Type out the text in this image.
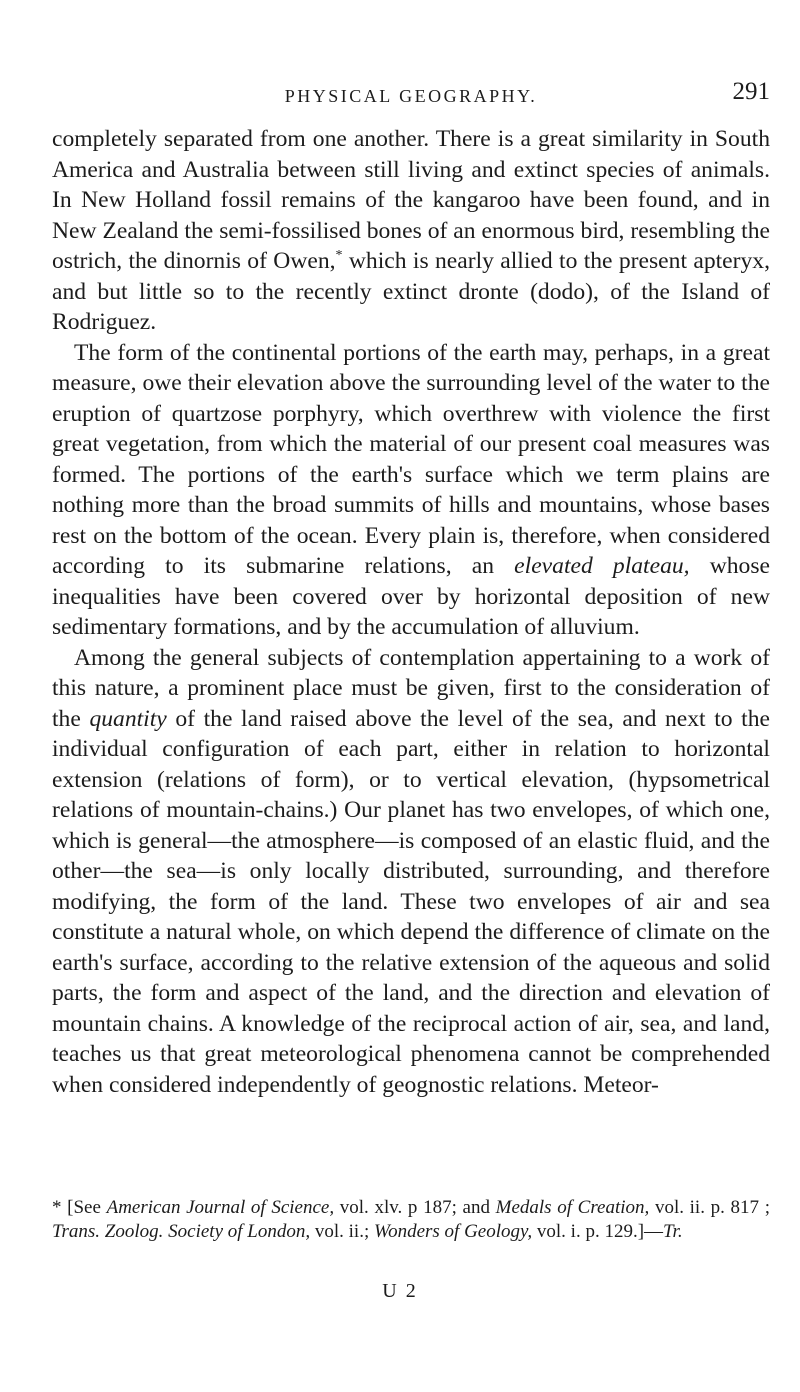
PHYSICAL GEOGRAPHY.	291

completely separated from one another. There is a great similarity in South America and Australia between still living and extinct species of animals. In New Holland fossil remains of the kangaroo have been found, and in New Zealand the semi-fossilised bones of an enormous bird, resembling the ostrich, the dinornis of Owen,* which is nearly allied to the present apteryx, and but little so to the recently extinct dronte (dodo), of the Island of Rodriguez.

The form of the continental portions of the earth may, perhaps, in a great measure, owe their elevation above the surrounding level of the water to the eruption of quartzose porphyry, which overthrew with violence the first great vegetation, from which the material of our present coal measures was formed. The portions of the earth's surface which we term plains are nothing more than the broad summits of hills and mountains, whose bases rest on the bottom of the ocean. Every plain is, therefore, when considered according to its submarine relations, an elevated plateau, whose inequalities have been covered over by horizontal deposition of new sedimentary formations, and by the accumulation of alluvium.

Among the general subjects of contemplation appertaining to a work of this nature, a prominent place must be given, first to the consideration of the quantity of the land raised above the level of the sea, and next to the individual configuration of each part, either in relation to horizontal extension (relations of form), or to vertical elevation, (hypsometrical relations of mountain-chains.) Our planet has two envelopes, of which one, which is general—the atmosphere—is composed of an elastic fluid, and the other—the sea—is only locally distributed, surrounding, and therefore modifying, the form of the land. These two envelopes of air and sea constitute a natural whole, on which depend the difference of climate on the earth's surface, according to the relative extension of the aqueous and solid parts, the form and aspect of the land, and the direction and elevation of mountain chains. A knowledge of the reciprocal action of air, sea, and land, teaches us that great meteorological phenomena cannot be comprehended when considered independently of geognostic relations. Meteor-

* [See American Journal of Science, vol. xlv. p 187; and Medals of Creation, vol. ii. p. 817 ; Trans. Zoolog. Society of London, vol. ii.; Wonders of Geology, vol. i. p. 129.]—Tr.
U 2
